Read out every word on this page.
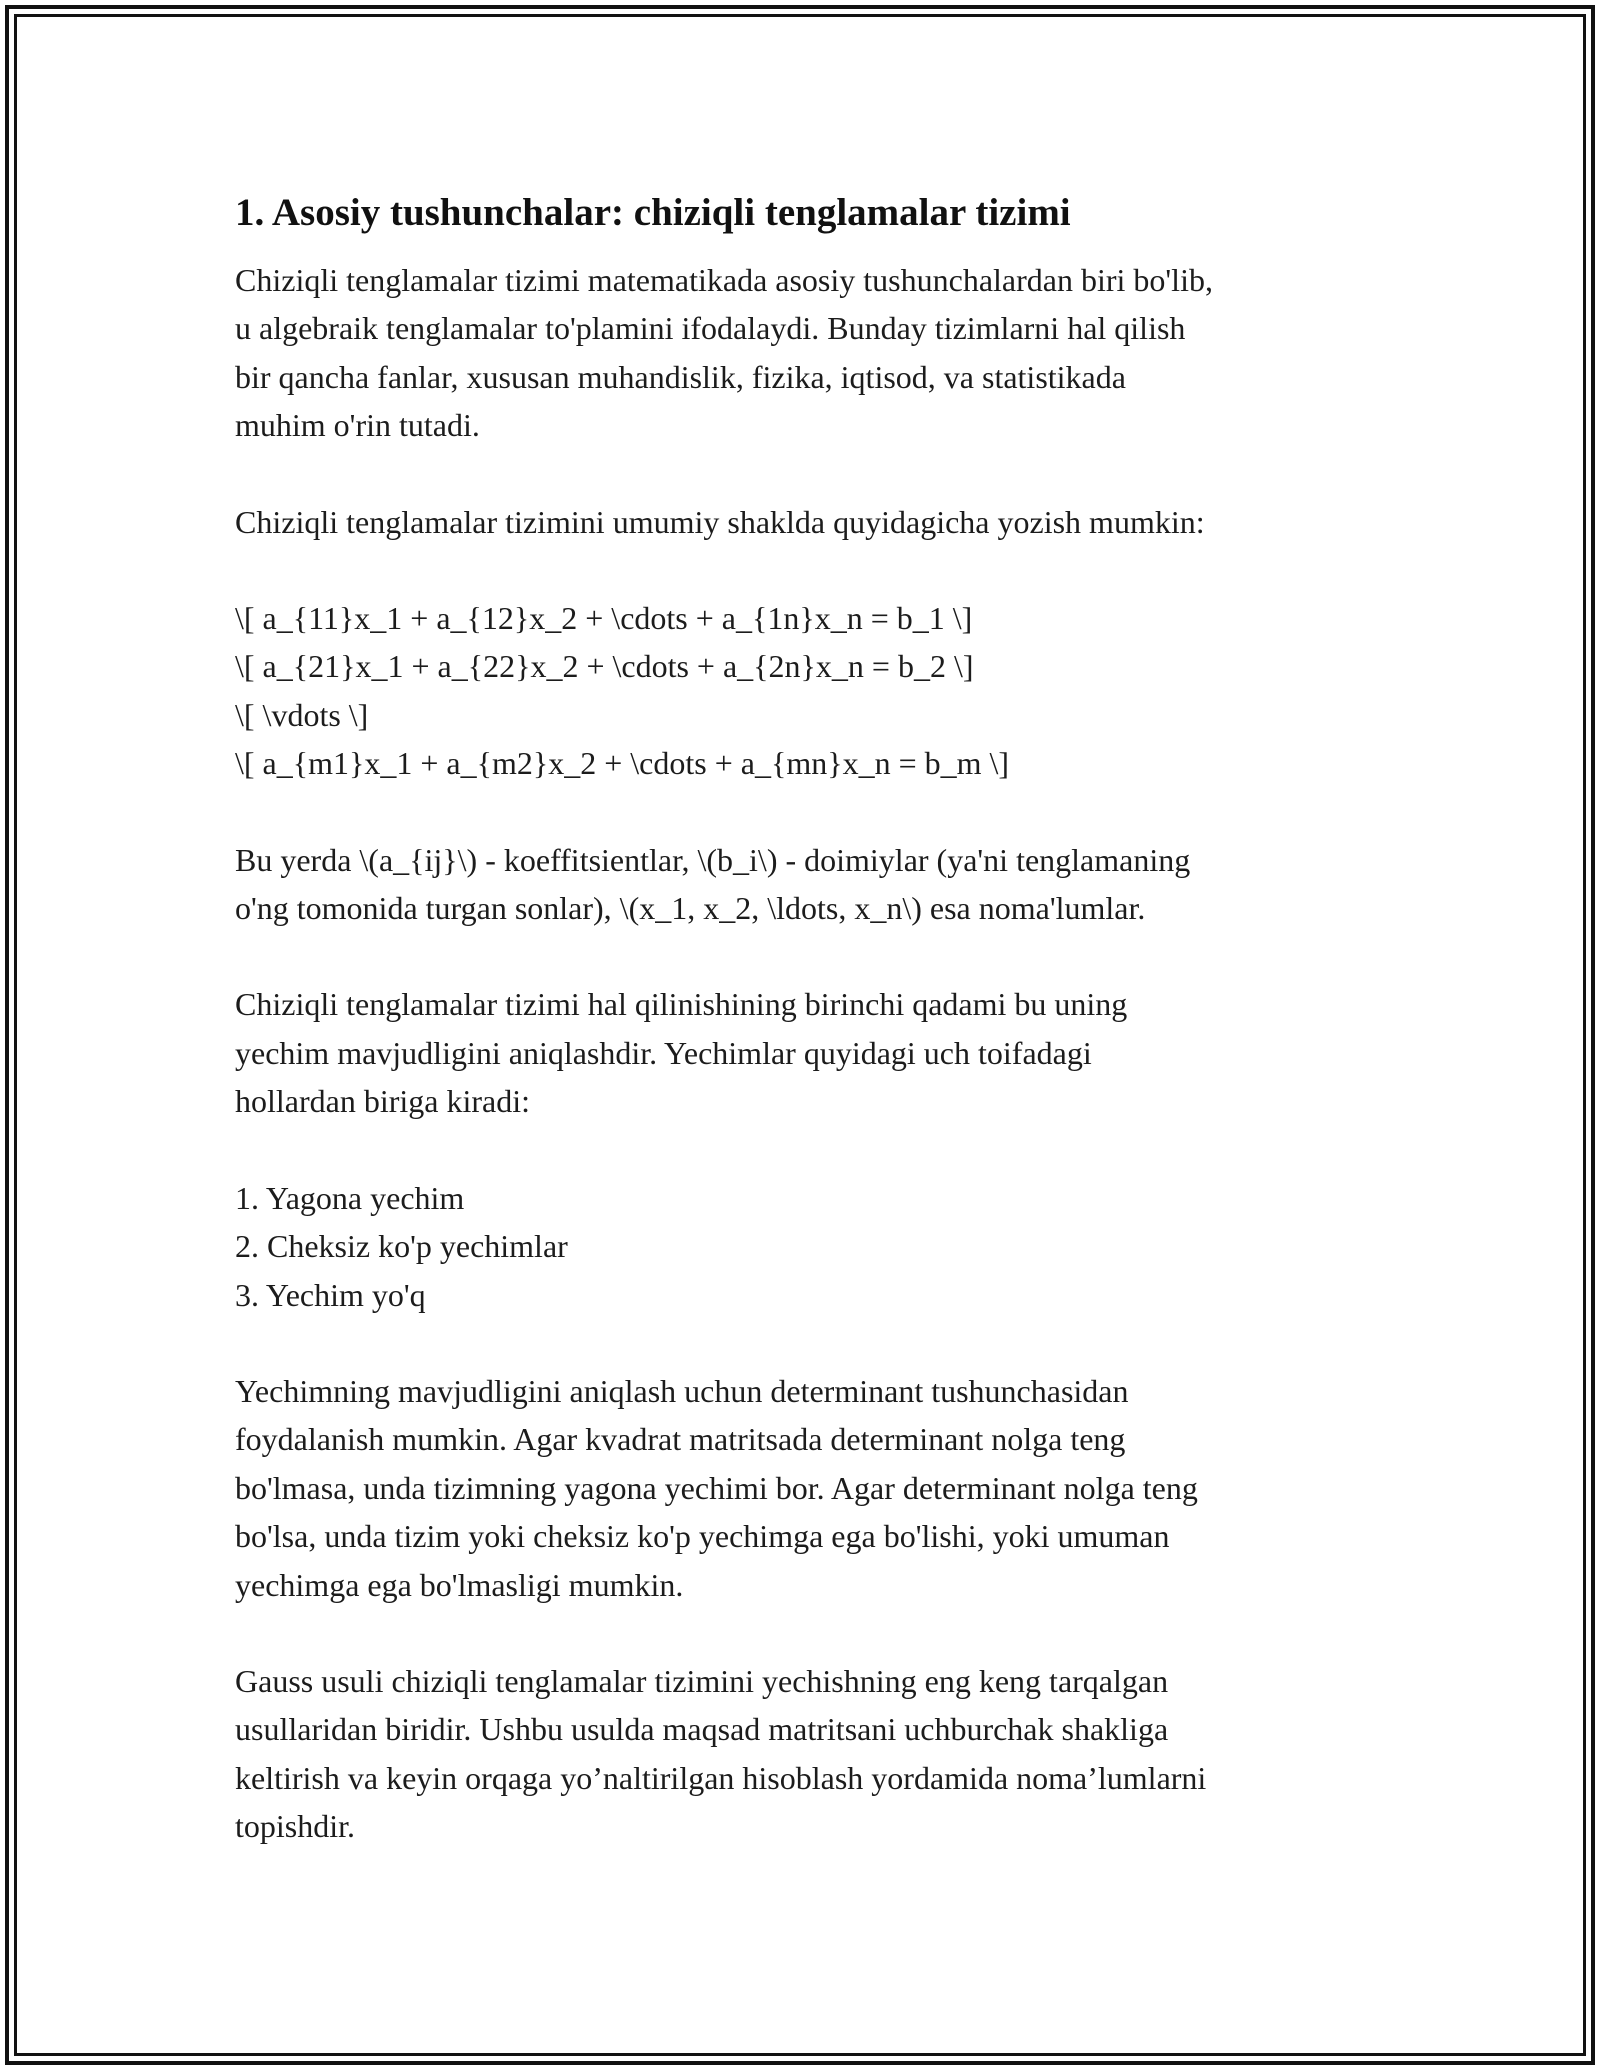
1. Asosiy tushunchalar: chiziqli tenglamalar tizimi

Chiziqli tenglamalar tizimi matematikada asosiy tushunchalardan biri bo'lib,
u algebraik tenglamalar to'plamini ifodalaydi. Bunday tizimlarni hal qilish
bir qancha fanlar, xususan muhandislik, fizika, iqtisod, va statistikada
muhim o'rin tutadi.

Chiziqli tenglamalar tizimini umumiy shaklda quyidagicha yozish mumkin:
\[ a_{11}x_1 + a_{12}x_2 + \cdots + a_{1n}x_n = b_1 \]
\[ a_{21}x_1 + a_{22}x_2 + \cdots + a_{2n}x_n = b_2 \]
\[ \vdots \]
\[ a_{m1}x_1 + a_{m2}x_2 + \cdots + a_{mn}x_n = b_m \]
Bu yerda \(a_{ij}\) - koeffitsientlar, \(b_i\) - doimiylar (ya'ni tenglamaning
o'ng tomonida turgan sonlar), \(x_1, x_2, \ldots, x_n\) esa noma'lumlar.
Chiziqli tenglamalar tizimi hal qilinishining birinchi qadami bu uning
yechim mavjudligini aniqlashdir. Yechimlar quyidagi uch toifadagi
hollardan biriga kiradi:
1. Yagona yechim
2. Cheksiz ko'p yechimlar
3. Yechim yo'q
Yechimning mavjudligini aniqlash uchun determinant tushunchasidan
foydalanish mumkin. Agar kvadrat matritsada determinant nolga teng
bo'lmasa, unda tizimning yagona yechimi bor. Agar determinant nolga teng
bo'lsa, unda tizim yoki cheksiz ko'p yechimga ega bo'lishi, yoki umuman
yechimga ega bo'lmasligi mumkin.
Gauss usuli chiziqli tenglamalar tizimini yechishning eng keng tarqalgan
usullaridan biridir. Ushbu usulda maqsad matritsani uchburchak shakliga
keltirish va keyin orqaga yo’naltirilgan hisoblash yordamida noma’lumlarni
topishdir.
